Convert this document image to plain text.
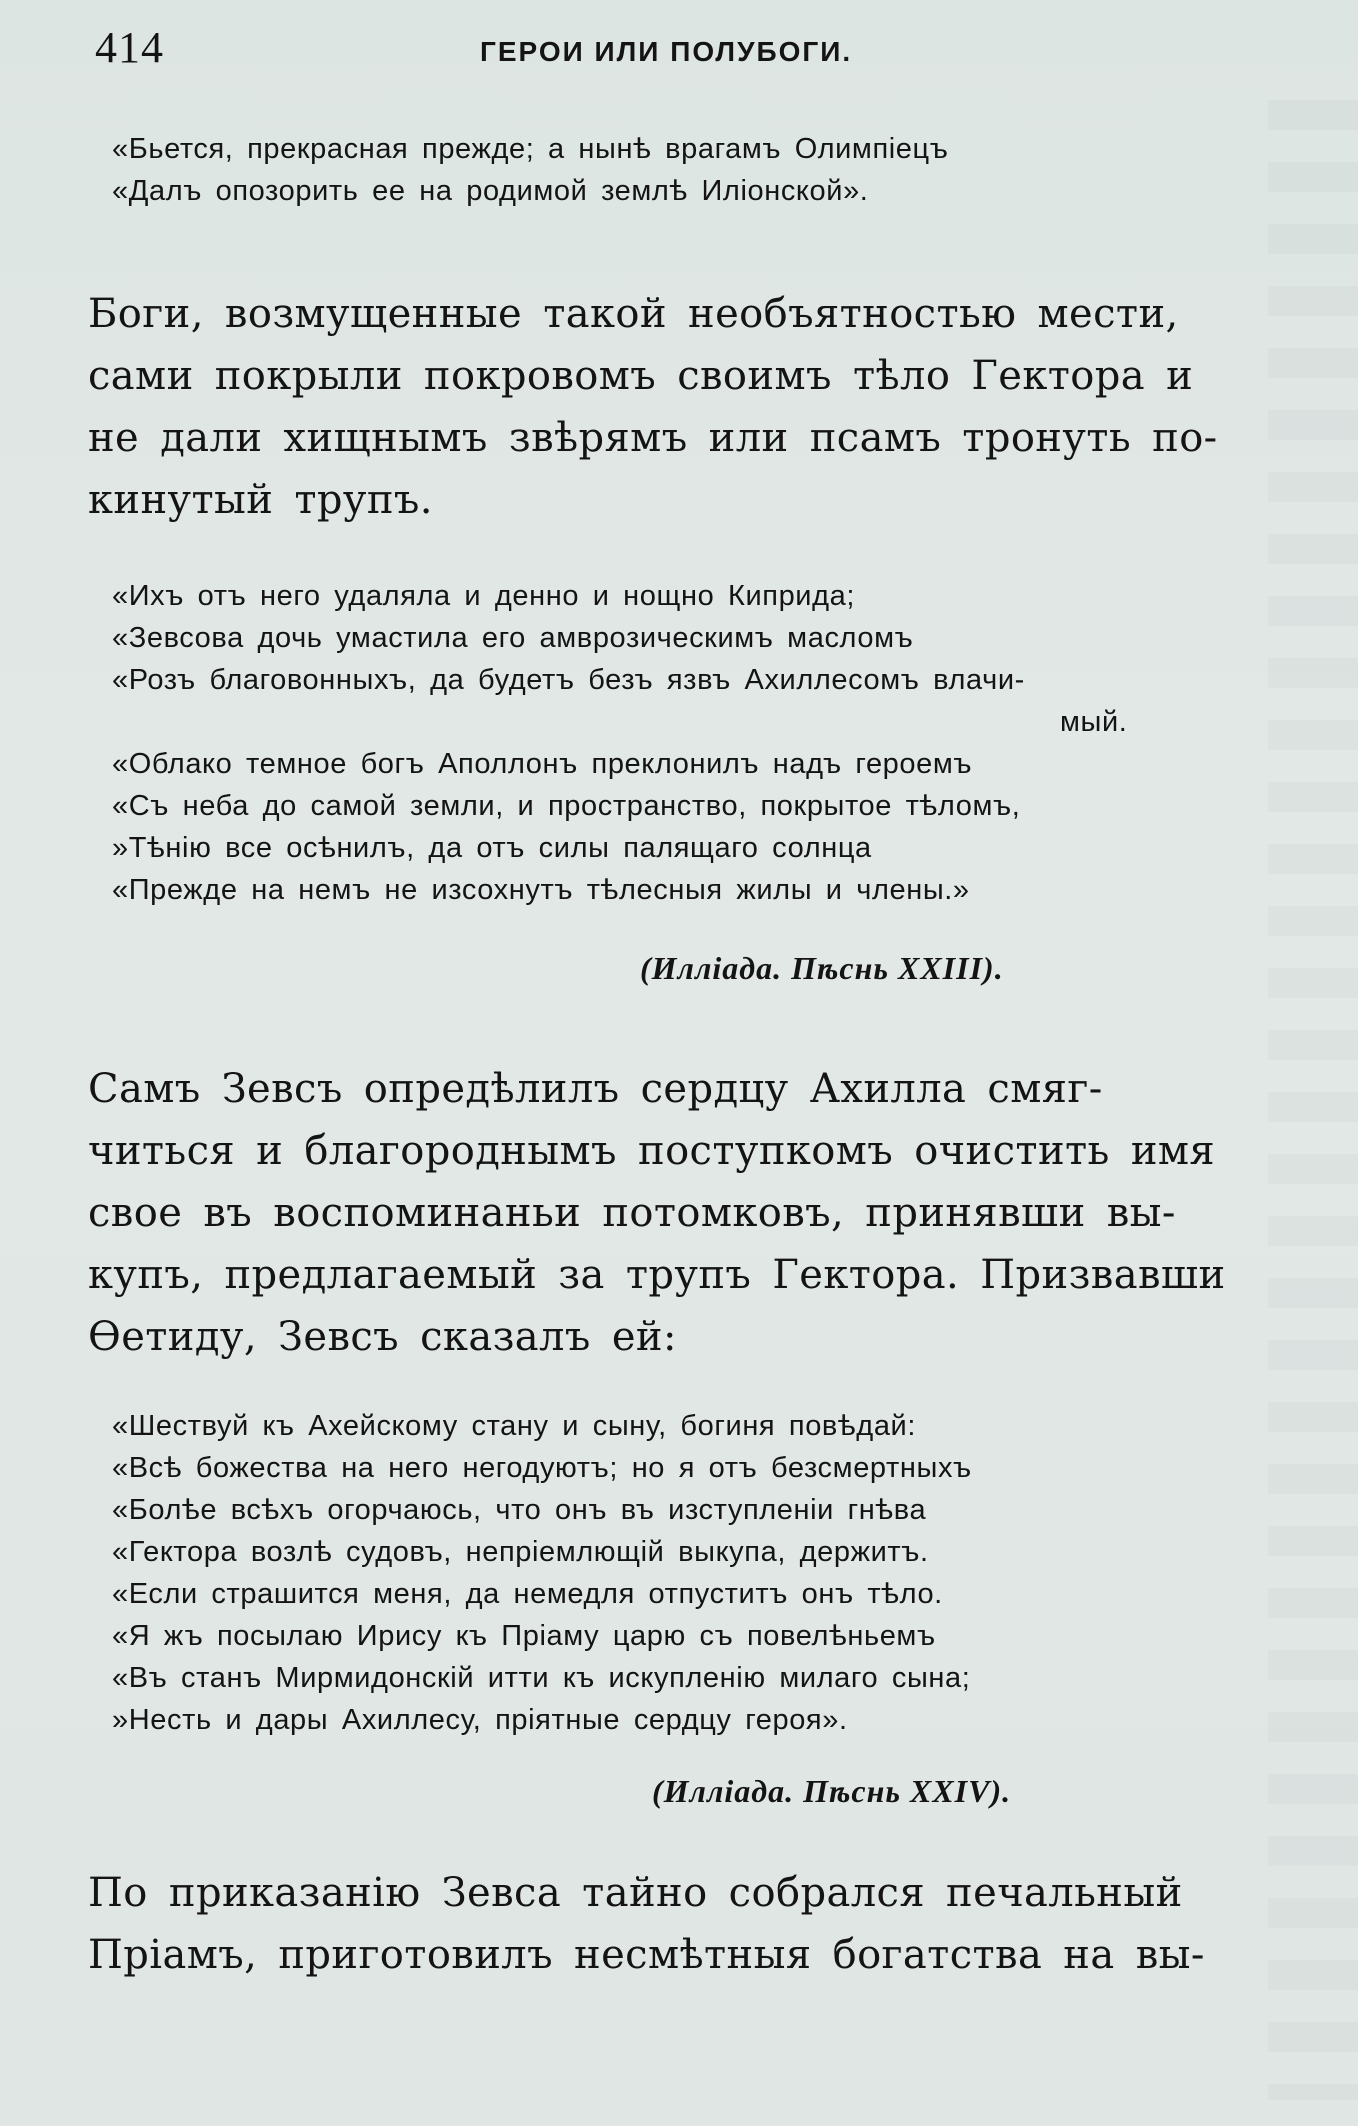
414	ГЕРОИ ИЛИ ПОЛУБОГИ.
«Бьется, прекрасная прежде; а нынѣ врагамъ Олимпiецъ
«Далъ опозорить ее на родимой землѣ Илiонской».
Боги, возмущенные такой необъятностью мести,
сами покрыли покровомъ своимъ тѣло Гектора и
не дали хищнымъ звѣрямъ или псамъ тронуть по-
кинутый трупъ.
«Ихъ отъ него удаляла и денно и нощно Киприда;
«Зевсова дочь умастила его амврозическимъ масломъ
«Розъ благовонныхъ, да будетъ безъ язвъ Ахиллесомъ влачи-
мый.
«Облако темное богъ Аполлонъ преклонилъ надъ героемъ
«Съ неба до самой земли, и пространство, покрытое тѣломъ,
»Тѣнiю все осѣнилъ, да отъ силы палящаго солнца
«Прежде на немъ не изсохнутъ тѣлесныя жилы и члены.»
(Илліада. Пѣснь XXIII).
Самъ Зевсъ опредѣлилъ сердцу Ахилла смяг-
читься и благороднымъ поступкомъ очистить имя
свое въ воспоминаньи потомковъ, принявши вы-
купъ, предлагаемый за трупъ Гектора. Призвавши
Ѳетиду, Зевсъ сказалъ ей:
«Шествуй къ Ахейскому стану и сыну, богиня повѣдай:
«Всѣ божества на него негодуютъ; но я отъ безсмертныхъ
«Болѣе всѣхъ огорчаюсь, что онъ въ изступленiи гнѣва
«Гектора возлѣ судовъ, непрiемлющiй выкупа, держитъ.
«Если страшится меня, да немедля отпуститъ онъ тѣло.
«Я жъ посылаю Ирису къ Прiаму царю съ повелѣньемъ
«Въ станъ Мирмидонскiй итти къ искупленiю милаго сына;
»Несть и дары Ахиллесу, прiятные сердцу героя».
(Илліада. Пѣснь XXIV).
По приказанiю Зевса тайно собрался печальный
Прiамъ, приготовилъ несмѣтныя богатства на вы-
